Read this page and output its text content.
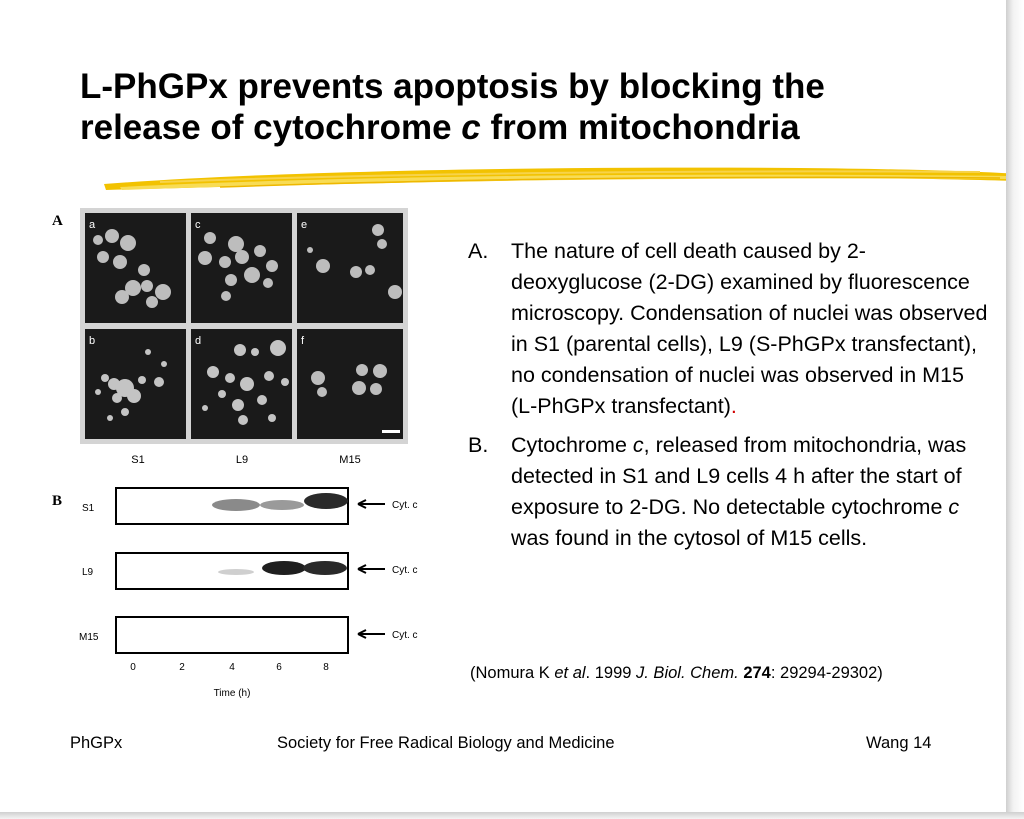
L-PhGPx prevents apoptosis by blocking the
release of cytochrome c from mitochondria
A
B
a	c	e
b	d	f
S1	L9	M15
S1	Cyt. c
L9	Cyt. c
M15	Cyt. c
0	2	4	6	8
Time (h)
A. The nature of cell death caused by 2-deoxyglucose (2-DG) examined by fluorescence microscopy. Condensation of nuclei was observed in S1 (parental cells), L9 (S-PhGPx transfectant), no condensation of nuclei was observed in M15 (L-PhGPx transfectant).
B. Cytochrome c, released from mitochondria, was detected in S1 and L9 cells 4 h after the start of exposure to 2-DG. No detectable cytochrome c was found in the cytosol of M15 cells.
(Nomura K et al. 1999 J. Biol. Chem. 274: 29294-29302)
PhGPx	Society for Free Radical Biology and Medicine	Wang 14
